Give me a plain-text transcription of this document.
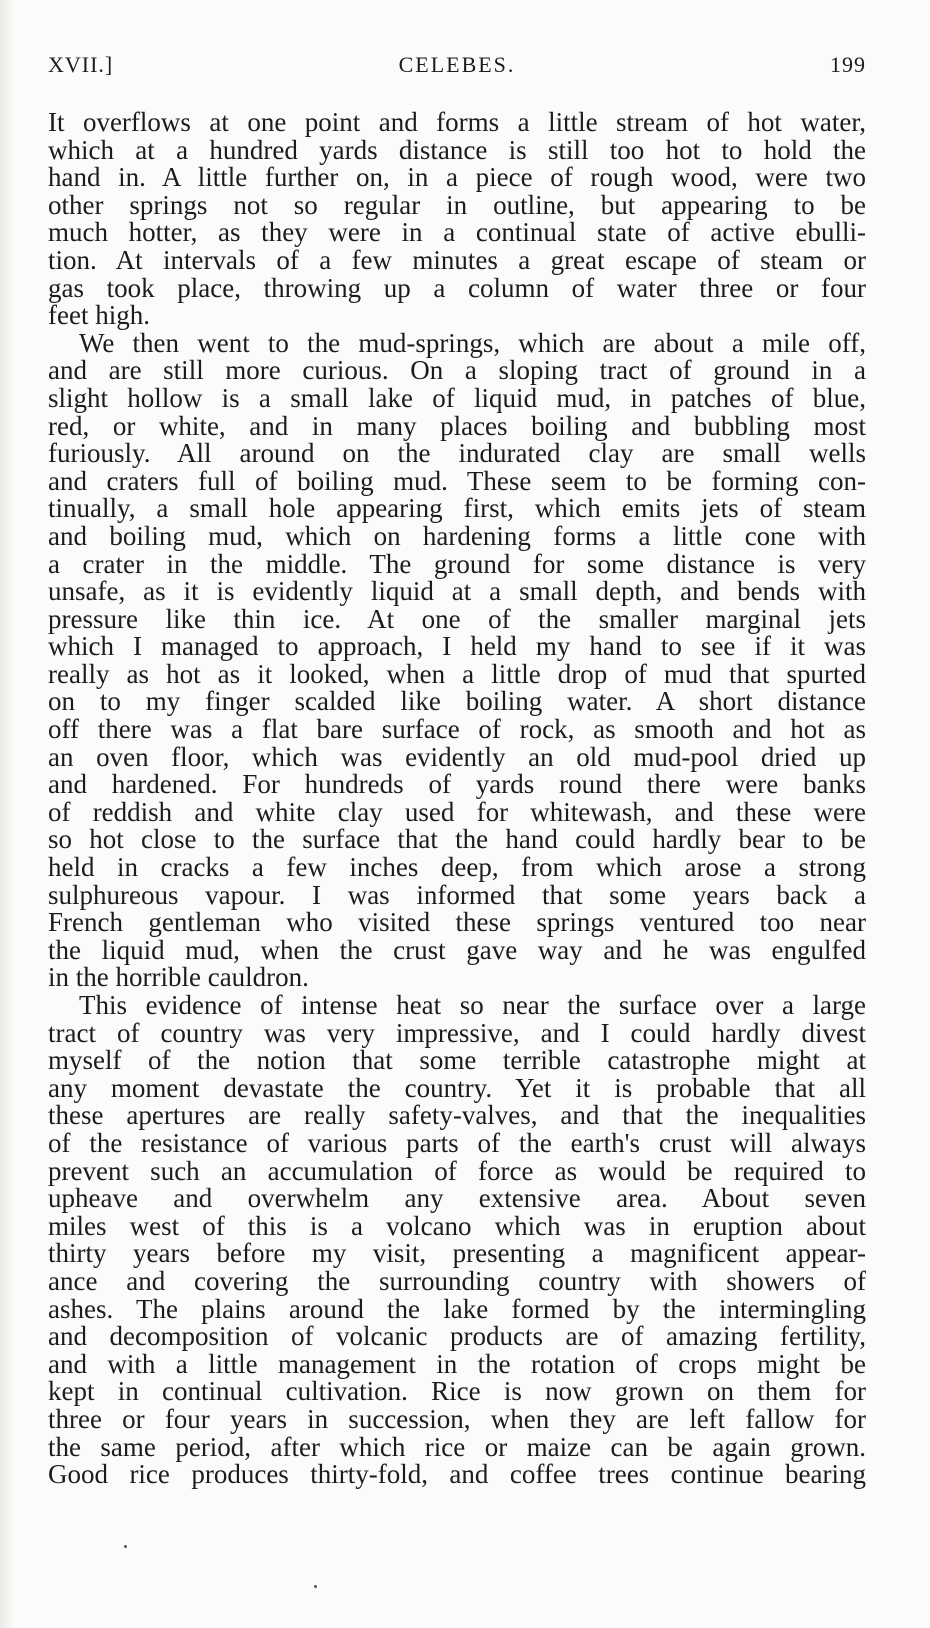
XVII.]	CELEBES.	199
It overflows at one point and forms a little stream of hot water,
which at a hundred yards distance is still too hot to hold the
hand in. A little further on, in a piece of rough wood, were two
other springs not so regular in outline, but appearing to be
much hotter, as they were in a continual state of active ebulli-
tion. At intervals of a few minutes a great escape of steam or
gas took place, throwing up a column of water three or four
feet high.
We then went to the mud-springs, which are about a mile off,
and are still more curious. On a sloping tract of ground in a
slight hollow is a small lake of liquid mud, in patches of blue,
red, or white, and in many places boiling and bubbling most
furiously. All around on the indurated clay are small wells
and craters full of boiling mud. These seem to be forming con-
tinually, a small hole appearing first, which emits jets of steam
and boiling mud, which on hardening forms a little cone with
a crater in the middle. The ground for some distance is very
unsafe, as it is evidently liquid at a small depth, and bends with
pressure like thin ice. At one of the smaller marginal jets
which I managed to approach, I held my hand to see if it was
really as hot as it looked, when a little drop of mud that spurted
on to my finger scalded like boiling water. A short distance
off there was a flat bare surface of rock, as smooth and hot as
an oven floor, which was evidently an old mud-pool dried up
and hardened. For hundreds of yards round there were banks
of reddish and white clay used for whitewash, and these were
so hot close to the surface that the hand could hardly bear to be
held in cracks a few inches deep, from which arose a strong
sulphureous vapour. I was informed that some years back a
French gentleman who visited these springs ventured too near
the liquid mud, when the crust gave way and he was engulfed
in the horrible cauldron.
This evidence of intense heat so near the surface over a large
tract of country was very impressive, and I could hardly divest
myself of the notion that some terrible catastrophe might at
any moment devastate the country. Yet it is probable that all
these apertures are really safety-valves, and that the inequalities
of the resistance of various parts of the earth's crust will always
prevent such an accumulation of force as would be required to
upheave and overwhelm any extensive area. About seven
miles west of this is a volcano which was in eruption about
thirty years before my visit, presenting a magnificent appear-
ance and covering the surrounding country with showers of
ashes. The plains around the lake formed by the intermingling
and decomposition of volcanic products are of amazing fertility,
and with a little management in the rotation of crops might be
kept in continual cultivation. Rice is now grown on them for
three or four years in succession, when they are left fallow for
the same period, after which rice or maize can be again grown.
Good rice produces thirty-fold, and coffee trees continue bearing
